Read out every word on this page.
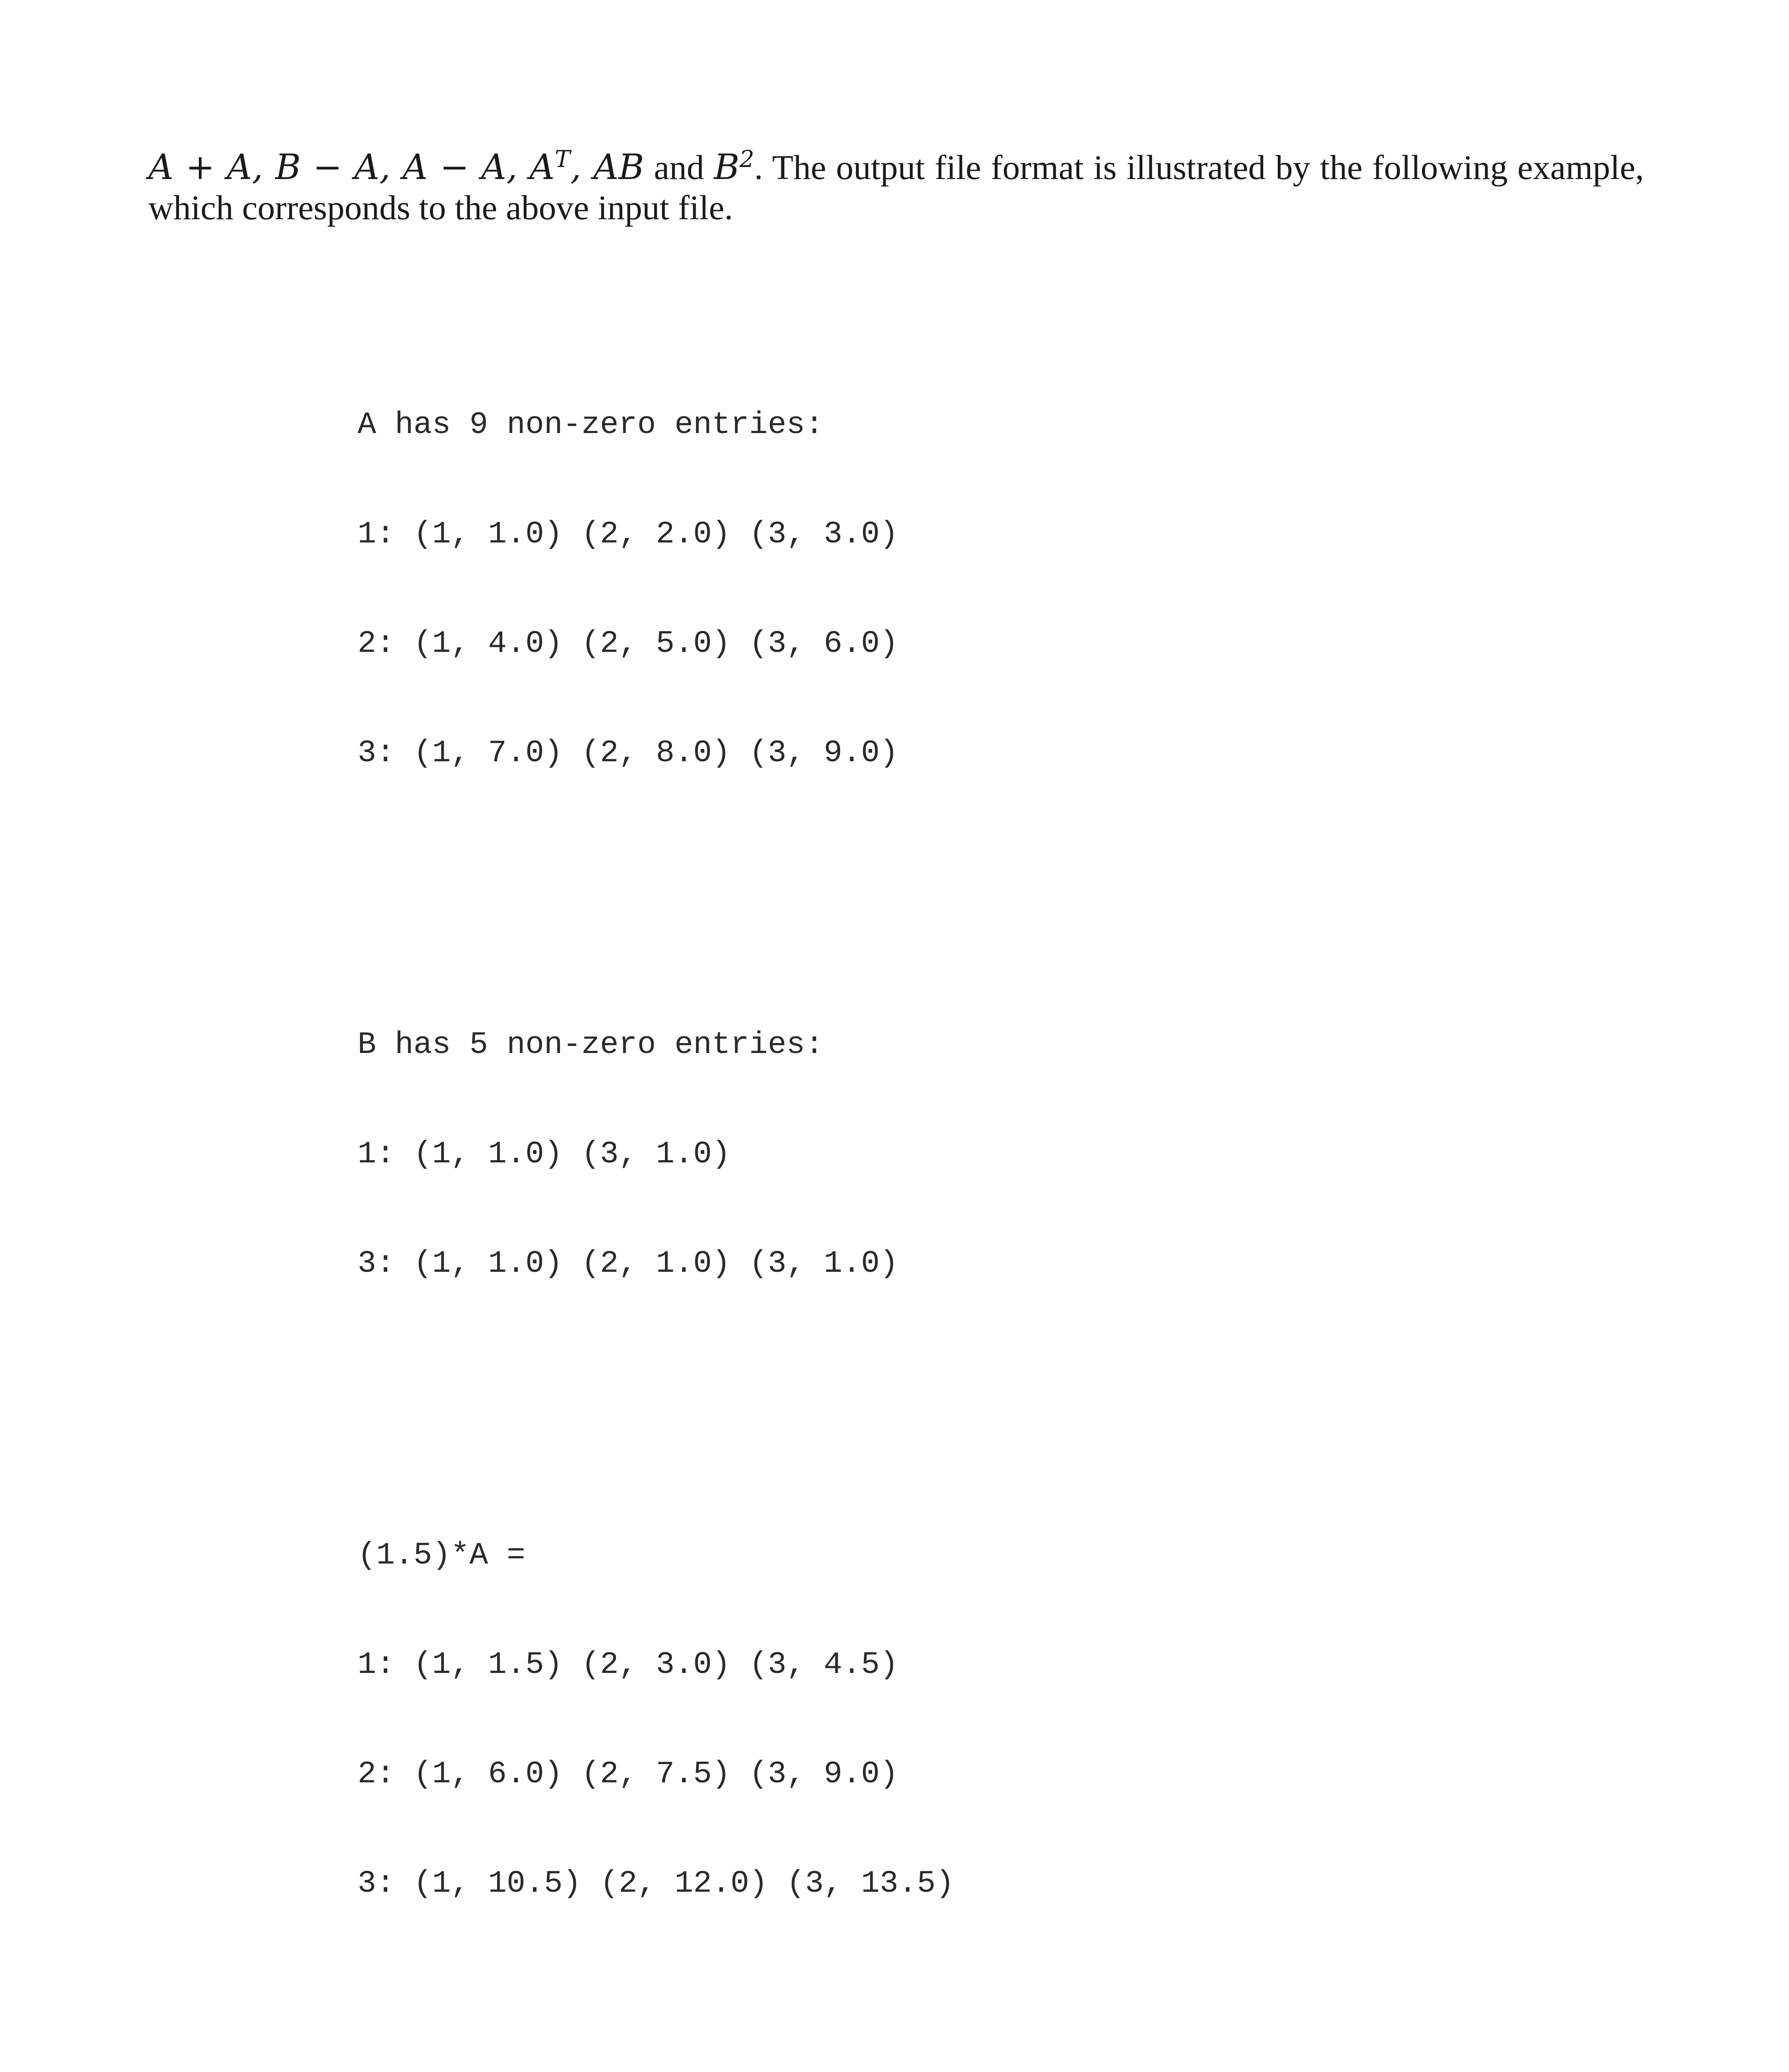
A + A, B − A, A − A, $A^T$, AB and $B^2$. The output file format is illustrated by the following example, which corresponds to the above input file.

A has 9 non-zero entries:

1: (1, 1.0) (2, 2.0) (3, 3.0)

2: (1, 4.0) (2, 5.0) (3, 6.0)

3: (1, 7.0) (2, 8.0) (3, 9.0)

B has 5 non-zero entries:

1: (1, 1.0) (3, 1.0)

3: (1, 1.0) (2, 1.0) (3, 1.0)

(1.5)*A =

1: (1, 1.5) (2, 3.0) (3, 4.5)

2: (1, 6.0) (2, 7.5) (3, 9.0)

3: (1, 10.5) (2, 12.0) (3, 13.5)
